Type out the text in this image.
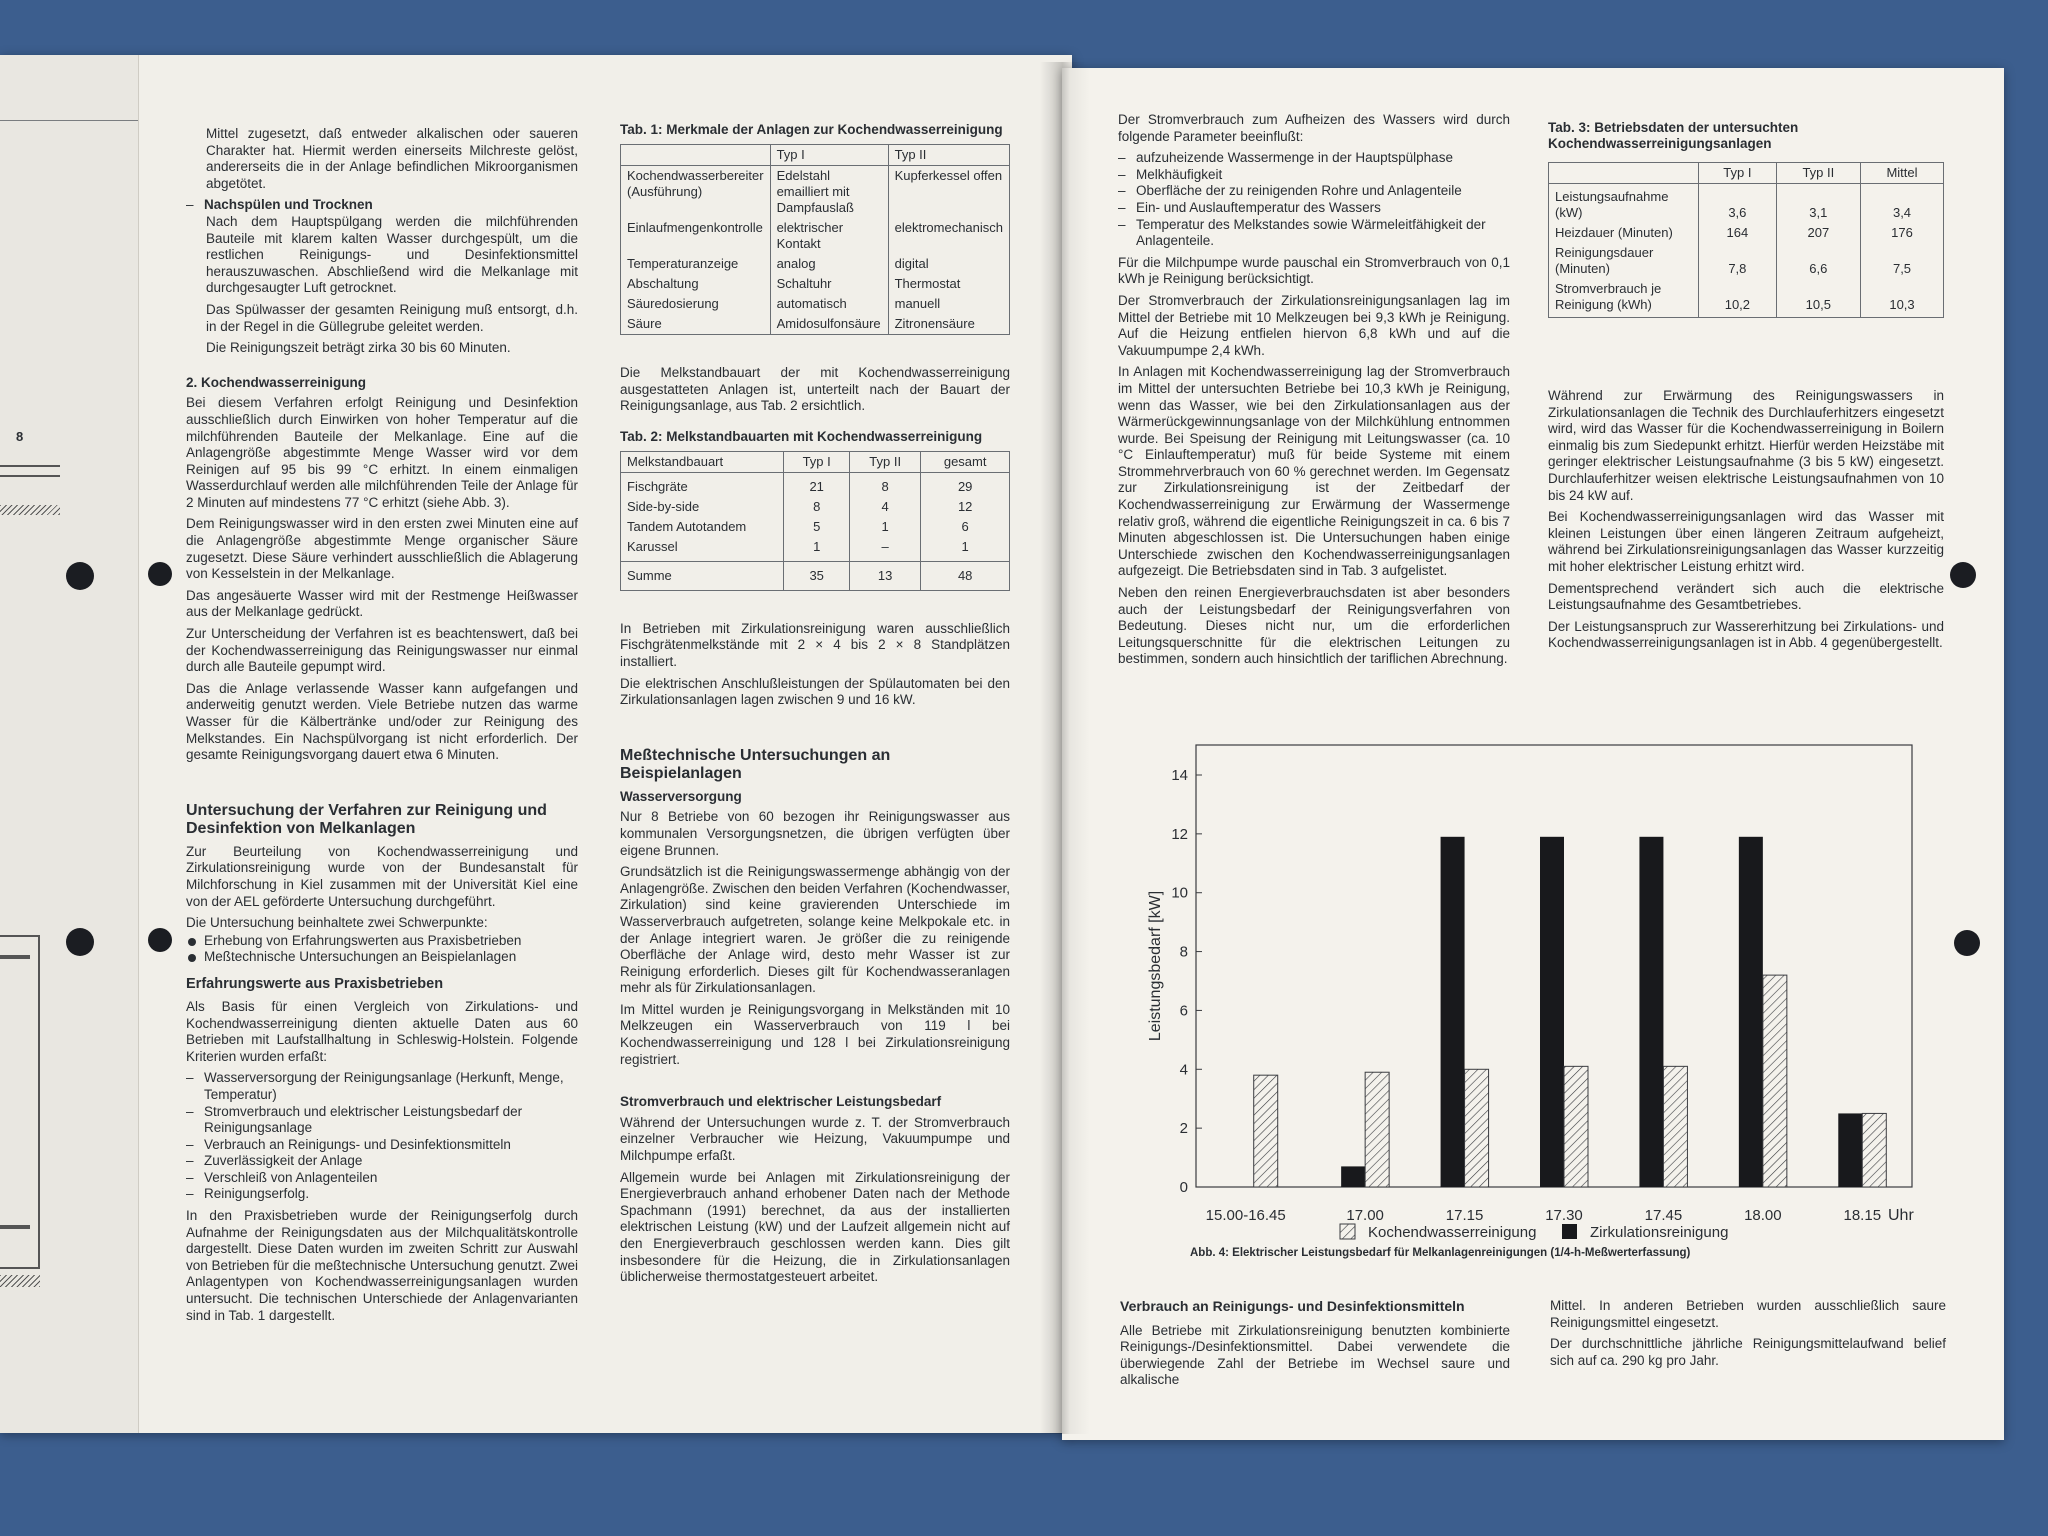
8

Mittel zugesetzt, daß entweder alkalischen oder saueren Charakter hat. Hiermit werden einerseits Milchreste gelöst, andererseits die in der Anlage befindlichen Mikroorganismen abgetötet.

– Nachspülen und Trocknen

Nach dem Hauptspülgang werden die milchführenden Bauteile mit klarem kalten Wasser durchgespült, um die restlichen Reinigungs- und Desinfektionsmittel herauszuwaschen. Abschließend wird die Melkanlage mit durchgesaugter Luft getrocknet.

Das Spülwasser der gesamten Reinigung muß entsorgt, d.h. in der Regel in die Güllegrube geleitet werden.

Die Reinigungszeit beträgt zirka 30 bis 60 Minuten.

2. Kochendwasserreinigung

Bei diesem Verfahren erfolgt Reinigung und Desinfektion ausschließlich durch Einwirken von hoher Temperatur auf die milchführenden Bauteile der Melkanlage. Eine auf die Anlagengröße abgestimmte Menge Wasser wird vor dem Reinigen auf 95 bis 99 °C erhitzt. In einem einmaligen Wasserdurchlauf werden alle milchführenden Teile der Anlage für 2 Minuten auf mindestens 77 °C erhitzt (siehe Abb. 3).

Dem Reinigungswasser wird in den ersten zwei Minuten eine auf die Anlagengröße abgestimmte Menge organischer Säure zugesetzt. Diese Säure verhindert ausschließlich die Ablagerung von Kesselstein in der Melkanlage.

Das angesäuerte Wasser wird mit der Restmenge Heißwasser aus der Melkanlage gedrückt.

Zur Unterscheidung der Verfahren ist es beachtenswert, daß bei der Kochendwasserreinigung das Reinigungswasser nur einmal durch alle Bauteile gepumpt wird.

Das die Anlage verlassende Wasser kann aufgefangen und anderweitig genutzt werden. Viele Betriebe nutzen das warme Wasser für die Kälbertränke und/oder zur Reinigung des Melkstandes. Ein Nachspülvorgang ist nicht erforderlich. Der gesamte Reinigungsvorgang dauert etwa 6 Minuten.

Untersuchung der Verfahren zur Reinigung und Desinfektion von Melkanlagen

Zur Beurteilung von Kochendwasserreinigung und Zirkulationsreinigung wurde von der Bundesanstalt für Milchforschung in Kiel zusammen mit der Universität Kiel eine von der AEL geförderte Untersuchung durchgeführt.

Die Untersuchung beinhaltete zwei Schwerpunkte:

Erhebung von Erfahrungswerten aus Praxisbetrieben
Meßtechnische Untersuchungen an Beispielanlagen
Erfahrungswerte aus Praxisbetrieben

Als Basis für einen Vergleich von Zirkulations- und Kochendwasserreinigung dienten aktuelle Daten aus 60 Betrieben mit Laufstallhaltung in Schleswig-Holstein. Folgende Kriterien wurden erfaßt:

– Wasserversorgung der Reinigungsanlage (Herkunft, Menge, Temperatur)
– Stromverbrauch und elektrischer Leistungsbedarf der Reinigungsanlage
– Verbrauch an Reinigungs- und Desinfektionsmitteln
– Zuverlässigkeit der Anlage
– Verschleiß von Anlagenteilen
– Reinigungserfolg.

In den Praxisbetrieben wurde der Reinigungserfolg durch Aufnahme der Reinigungsdaten aus der Milchqualitätskontrolle dargestellt. Diese Daten wurden im zweiten Schritt zur Auswahl von Betrieben für die meßtechnische Untersuchung genutzt. Zwei Anlagentypen von Kochendwasserreinigungsanlagen wurden untersucht. Die technischen Unterschiede der Anlagenvarianten sind in Tab. 1 dargestellt.

Tab. 1: Merkmale der Anlagen zur Kochendwasserreinigung
	Typ I	Typ II
Kochendwasserbereiter (Ausführung)	Edelstahl emailliert mit Dampfauslaß	Kupferkessel offen
Einlaufmengenkontrolle	elektrischer Kontakt	elektromechanisch
Temperaturanzeige	analog	digital
Abschaltung	Schaltuhr	Thermostat
Säuredosierung	automatisch	manuell
Säure	Amidosulfonsäure	Zitronensäure

Die Melkstandbauart der mit Kochendwasserreinigung ausgestatteten Anlagen ist, unterteilt nach der Bauart der Reinigungsanlage, aus Tab. 2 ersichtlich.

Tab. 2: Melkstandbauarten mit Kochendwasserreinigung
Melkstandbauart	Typ I	Typ II	gesamt
Fischgräte	21	8	29
Side-by-side	8	4	12
Tandem Autotandem	5	1	6
Karussel	1	–	1
Summe	35	13	48

In Betrieben mit Zirkulationsreinigung waren ausschließlich Fischgrätenmelkstände mit 2 × 4 bis 2 × 8 Standplätzen installiert.

Die elektrischen Anschlußleistungen der Spülautomaten bei den Zirkulationsanlagen lagen zwischen 9 und 16 kW.

Meßtechnische Untersuchungen an Beispielanlagen
Wasserversorgung

Nur 8 Betriebe von 60 bezogen ihr Reinigungswasser aus kommunalen Versorgungsnetzen, die übrigen verfügten über eigene Brunnen.

Grundsätzlich ist die Reinigungswassermenge abhängig von der Anlagengröße. Zwischen den beiden Verfahren (Kochendwasser, Zirkulation) sind keine gravierenden Unterschiede im Wasserverbrauch aufgetreten, solange keine Melkpokale etc. in der Anlage integriert waren. Je größer die zu reinigende Oberfläche der Anlage wird, desto mehr Wasser ist zur Reinigung erforderlich. Dieses gilt für Kochendwasseranlagen mehr als für Zirkulationsanlagen.

Im Mittel wurden je Reinigungsvorgang in Melkständen mit 10 Melkzeugen ein Wasserverbrauch von 119 l bei Kochendwasserreinigung und 128 l bei Zirkulationsreinigung registriert.

Stromverbrauch und elektrischer Leistungsbedarf

Während der Untersuchungen wurde z. T. der Stromverbrauch einzelner Verbraucher wie Heizung, Vakuumpumpe und Milchpumpe erfaßt.

Allgemein wurde bei Anlagen mit Zirkulationsreinigung der Energieverbrauch anhand erhobener Daten nach der Methode Spachmann (1991) berechnet, da aus der installierten elektrischen Leistung (kW) und der Laufzeit allgemein nicht auf den Energieverbrauch geschlossen werden kann. Dies gilt insbesondere für die Heizung, die in Zirkulationsanlagen üblicherweise thermostatgesteuert arbeitet.

Der Stromverbrauch zum Aufheizen des Wassers wird durch folgende Parameter beeinflußt:

– aufzuheizende Wassermenge in der Hauptspülphase
– Melkhäufigkeit
– Oberfläche der zu reinigenden Rohre und Anlagenteile
– Ein- und Auslauftemperatur des Wassers
– Temperatur des Melkstandes sowie Wärmeleitfähigkeit der Anlagenteile.

Für die Milchpumpe wurde pauschal ein Stromverbrauch von 0,1 kWh je Reinigung berücksichtigt.

Der Stromverbrauch der Zirkulationsreinigungsanlagen lag im Mittel der Betriebe mit 10 Melkzeugen bei 9,3 kWh je Reinigung. Auf die Heizung entfielen hiervon 6,8 kWh und auf die Vakuumpumpe 2,4 kWh.

In Anlagen mit Kochendwasserreinigung lag der Stromverbrauch im Mittel der untersuchten Betriebe bei 10,3 kWh je Reinigung, wenn das Wasser, wie bei den Zirkulationsanlagen aus der Wärmerückgewinnungsanlage von der Milchkühlung entnommen wurde. Bei Speisung der Reinigung mit Leitungswasser (ca. 10 °C Einlauftemperatur) muß für beide Systeme mit einem Strommehrverbrauch von 60 % gerechnet werden. Im Gegensatz zur Zirkulationsreinigung ist der Zeitbedarf der Kochendwasserreinigung zur Erwärmung der Wassermenge relativ groß, während die eigentliche Reinigungszeit in ca. 6 bis 7 Minuten abgeschlossen ist. Die Untersuchungen haben einige Unterschiede zwischen den Kochendwasserreinigungsanlagen aufgezeigt. Die Betriebsdaten sind in Tab. 3 aufgelistet.

Neben den reinen Energieverbrauchsdaten ist aber besonders auch der Leistungsbedarf der Reinigungsverfahren von Bedeutung. Dieses nicht nur, um die erforderlichen Leitungsquerschnitte für die elektrischen Leitungen zu bestimmen, sondern auch hinsichtlich der tariflichen Abrechnung.

Tab. 3: Betriebsdaten der untersuchten Kochendwasserreinigungsanlagen
	Typ I	Typ II	Mittel
Leistungsaufnahme (kW)	3,6	3,1	3,4
Heizdauer (Minuten)	164	207	176
Reinigungsdauer (Minuten)	7,8	6,6	7,5
Stromverbrauch je Reinigung (kWh)	10,2	10,5	10,3

Während zur Erwärmung des Reinigungswassers in Zirkulationsanlagen die Technik des Durchlauferhitzers eingesetzt wird, wird das Wasser für die Kochendwasserreinigung in Boilern einmalig bis zum Siedepunkt erhitzt. Hierfür werden Heizstäbe mit geringer elektrischer Leistungsaufnahme (3 bis 5 kW) eingesetzt. Durchlauferhitzer weisen elektrische Leistungsaufnahmen von 10 bis 24 kW auf.

Bei Kochendwasserreinigungsanlagen wird das Wasser mit kleinen Leistungen über einen längeren Zeitraum aufgeheizt, während bei Zirkulationsreinigungsanlagen das Wasser kurzzeitig mit hoher elektrischer Leistung erhitzt wird.

Dementsprechend verändert sich auch die elektrische Leistungsaufnahme des Gesamtbetriebes.

Der Leistungsanspruch zur Wassererhitzung bei Zirkulations- und Kochendwasserreinigungsanlagen ist in Abb. 4 gegenübergestellt.

0
2
4
6
8
10
12
14
15.00-16.45	17.00	17.15	17.30	17.45	18.00	18.15
Leistungsbedarf [kW]
Uhr
Kochendwasserreinigung	Zirkulationsreinigung
Abb. 4: Elektrischer Leistungsbedarf für Melkanlagenreinigungen (1/4-h-Meßwerterfassung)
Verbrauch an Reinigungs- und Desinfektionsmitteln

Alle Betriebe mit Zirkulationsreinigung benutzten kombinierte Reinigungs-/Desinfektionsmittel. Dabei verwendete die überwiegende Zahl der Betriebe im Wechsel saure und alkalische

Mittel. In anderen Betrieben wurden ausschließlich saure Reinigungsmittel eingesetzt.

Der durchschnittliche jährliche Reinigungsmittelaufwand belief sich auf ca. 290 kg pro Jahr.
